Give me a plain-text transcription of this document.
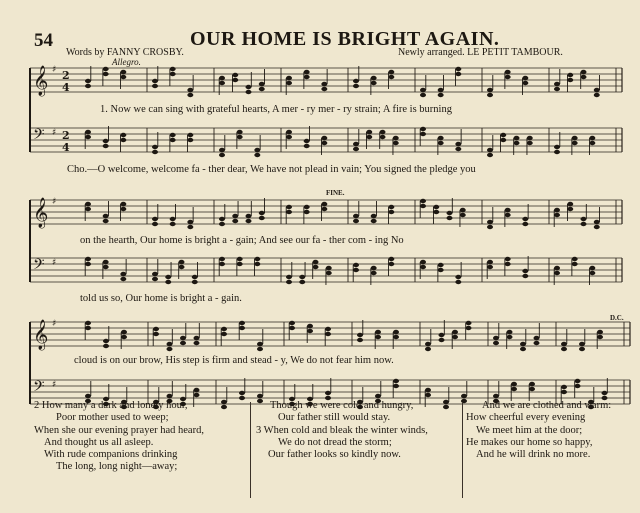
54	OUR HOME IS BRIGHT AGAIN.
Words by FANNY CROSBY.	Newly arranged. LE PETIT TAMBOUR.
Allegro.
𝄞 ♯ 2
4
𝄢 ♯ 2
4
𝄞 ♯
𝄢 ♯
𝄞 ♯
𝄢 ♯
FINE.
D.C.
1. Now we can sing with grateful hearts, A mer - ry mer - ry strain; A fire is burning
Cho.—O welcome, welcome fa - ther dear, We have not plead in vain; You signed the pledge you
on the hearth, Our home is bright a - gain; And see our fa - ther com - ing No
told us so, Our home is bright a - gain.
cloud is on our brow, His step is firm and stead - y, We do not fear him now.
2 How many a dark and lonely hour,
Poor mother used to weep;
When she our evening prayer had heard,
And thought us all asleep.
With rude companions drinking
The long, long night—away;
Though we were cold and hungry,
Our father still would stay.
3 When cold and bleak the winter winds,
We do not dread the storm;
Our father looks so kindly now.
And we are clothed and warm:
How cheerful every evening
We meet him at the door;
He makes our home so happy,
And he will drink no more.
